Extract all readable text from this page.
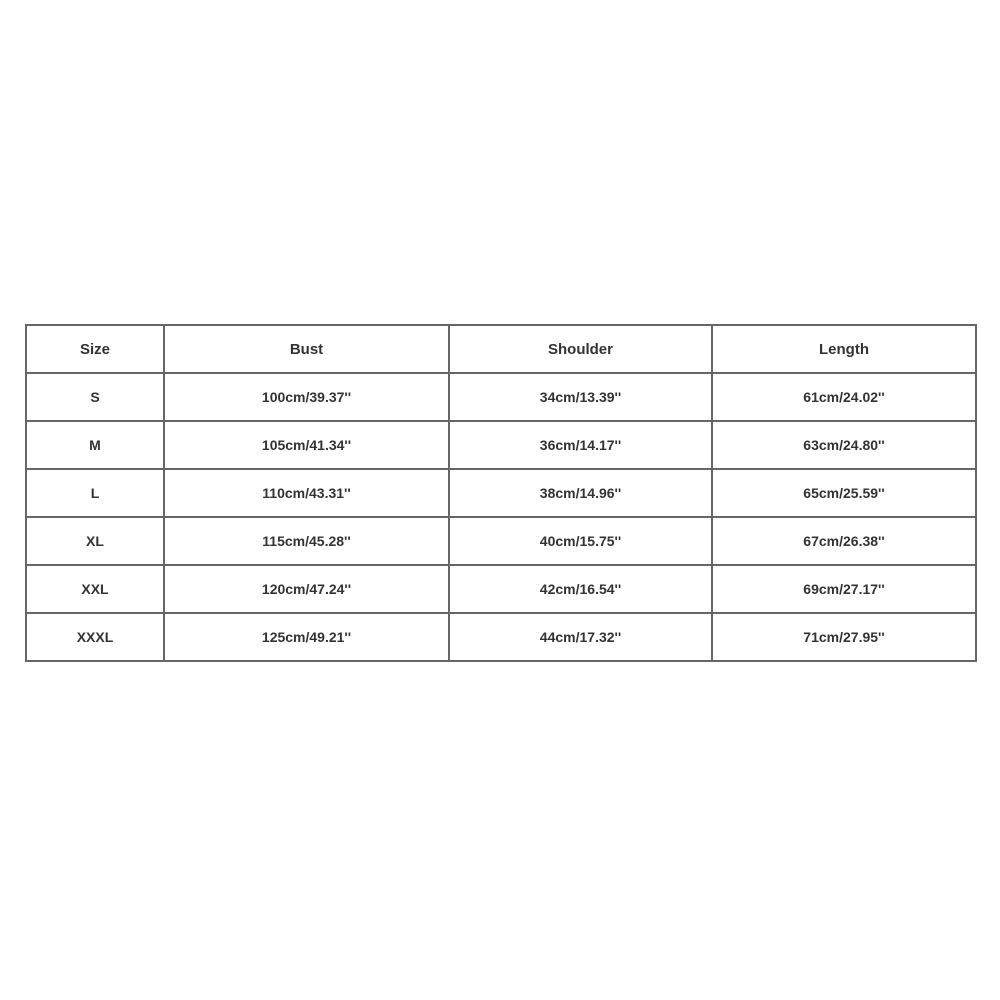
Size	Bust	Shoulder	Length
S	100cm/39.37''	34cm/13.39''	61cm/24.02''
M	105cm/41.34''	36cm/14.17''	63cm/24.80''
L	110cm/43.31''	38cm/14.96''	65cm/25.59''
XL	115cm/45.28''	40cm/15.75''	67cm/26.38''
XXL	120cm/47.24''	42cm/16.54''	69cm/27.17''
XXXL	125cm/49.21''	44cm/17.32''	71cm/27.95''
